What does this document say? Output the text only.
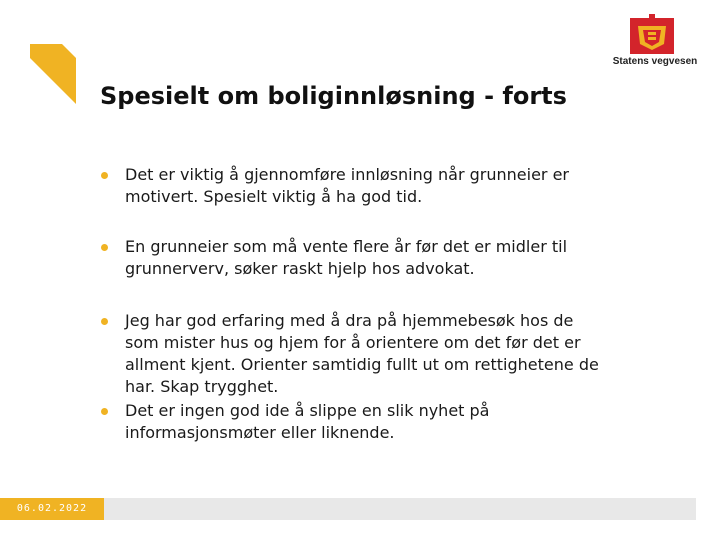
Statens vegvesen
Spesielt om boliginnløsning - forts
Det er viktig å gjennomføre innløsning når grunneier er
motivert. Spesielt viktig å ha god tid.
En grunneier som må vente flere år før det er midler til
grunnerverv, søker raskt hjelp hos advokat.
Jeg har god erfaring med å dra på hjemmebesøk hos de
som mister hus og hjem for å orientere om det før det er
allment kjent. Orienter samtidig fullt ut om rettighetene de
har. Skap trygghet.
Det er ingen god ide å slippe en slik nyhet på
informasjonsmøter eller liknende.
06.02.2022
